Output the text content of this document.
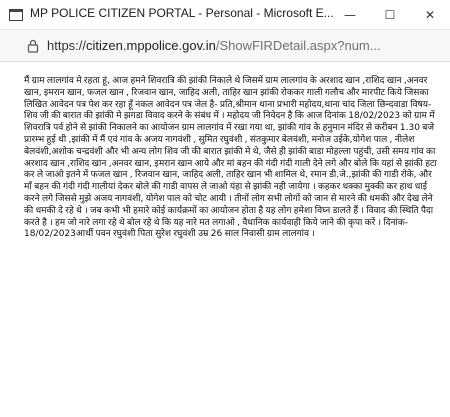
MP POLICE CITIZEN PORTAL - Personal - Microsoft E... —	☐	✕
https://citizen.mppolice.gov.in/ShowFIRDetail.aspx?num...
मैं ग्राम लालगांव मे रहता हूं, आज हमने शिवरात्रि की झांकी निकाले थे जिसमें ग्राम लालगांव के अरशाद खान ,राशिद खान ,अनवर खान, इमरान खान, फजल खान , रिजवान खान, जाहिद अली, ताहिर खान झांकी रोककर गाली गलौच और मारपीट किये जिसका लिखित आवेदन पत्र पेश कर रहा हूँ नकल आवेदन पत्र जेल है- प्रति,श्रीमान थाना प्रभारी महोदय,थाना चांद जिला छिन्दवाडा विषय-शिव जी की बारात की झांकी मे झगडा विवाद करने के संबंध में । महोदय जी निवेदन है कि आज दिनांक 18/02/2023 को ग्राम में शिवरात्रि पर्व होने से झांकी निकालने का आयोजन ग्राम लालगांव में रखा गया था, झांकी गांव के हनुमान मंदिर से करीबन 1.30 बजे प्रारम्भ हुई थी ,झांकी में मैं एवं गांव के अजय नागवंशी , सुमित रघुवंशी , संतकुमार बेलवंशी, मनोज उईके,योगेश पाल , नीलेश बेलवंशी,अशोक चन्द्रवंशी और भी अन्य लोग शिव जी की बारात झांकी मे थे, जैसे ही झांकी बाडा मोहल्ला पहुंची, उसी समय गांव का अरशाद खान ,राशिद खान ,अनवर खान, इमरान खान आये और मां बहन की गंदी गंदी गाली देने लगे और बोले कि यहां से झांकी हटा कर ले जाओ इतने में फजल खान , रिजवान खान, जाहिद अली, ताहिर खान भी शामिल थे, रमान डी.जे.,झांकी की गाडी रोके, और माँ बहन की गंदी गंदी गालीयां देकर बोले की गाडी वापस ले जाओ यंहा से झांकी नही जायेगा । कहकर धक्का मुक्की कर हाथ धाई करने लगे जिससे मुझे अजय नागवंशी, योगेश पाल को चोट आयी । तीनों लोग सभी लोगों को जान से मारने की धमकी और देख लेने की धमकी दे रहे थे । जब कभी भी हमारे कोई कार्यक्रमों का आयोजन होता है यह लोग हमेशा विघ्न डालते हैं । विवाद की स्थिति पैदा करते है । हम जो नारे लगा रहे थे बोल रहे थे कि यह नारे मत लगाओ , वैधानिक कार्यवाही किये जाने की कृपा करें । दिनांक- 18/02/2023आर्थी पवन रघुवंशी पिता सुरेश रघुवंशी उम्र 26 साल निवासी ग्राम लालगांव ।
